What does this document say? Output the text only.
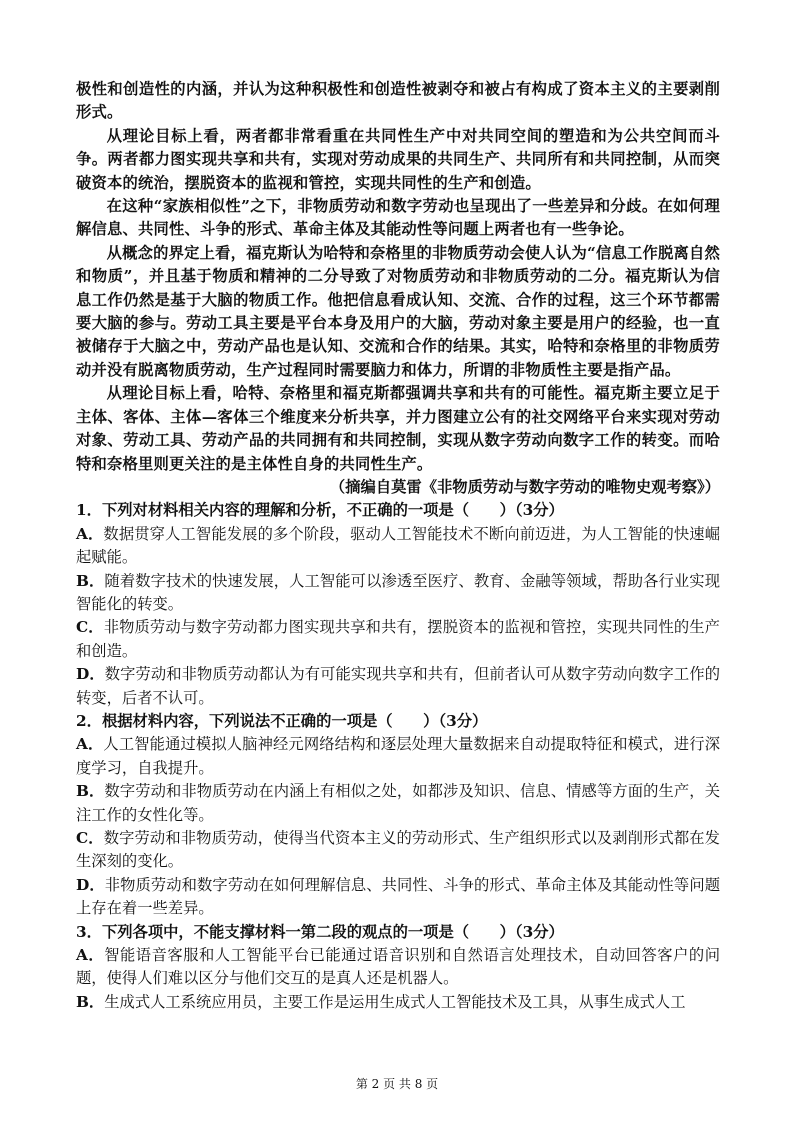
极性和创造性的内涵，并认为这种积极性和创造性被剥夺和被占有构成了资本主义的主要剥削形式。

从理论目标上看，两者都非常看重在共同性生产中对共同空间的塑造和为公共空间而斗争。两者都力图实现共享和共有，实现对劳动成果的共同生产、共同所有和共同控制，从而突破资本的统治，摆脱资本的监视和管控，实现共同性的生产和创造。

在这种“家族相似性”之下，非物质劳动和数字劳动也呈现出了一些差异和分歧。在如何理解信息、共同性、斗争的形式、革命主体及其能动性等问题上两者也有一些争论。

从概念的界定上看，福克斯认为哈特和奈格里的非物质劳动会使人认为“信息工作脱离自然和物质”，并且基于物质和精神的二分导致了对物质劳动和非物质劳动的二分。福克斯认为信息工作仍然是基于大脑的物质工作。他把信息看成认知、交流、合作的过程，这三个环节都需要大脑的参与。劳动工具主要是平台本身及用户的大脑，劳动对象主要是用户的经验，也一直被储存于大脑之中，劳动产品也是认知、交流和合作的结果。其实，哈特和奈格里的非物质劳动并没有脱离物质劳动，生产过程同时需要脑力和体力，所谓的非物质性主要是指产品。

从理论目标上看，哈特、奈格里和福克斯都强调共享和共有的可能性。福克斯主要立足于主体、客体、主体—客体三个维度来分析共享，并力图建立公有的社交网络平台来实现对劳动对象、劳动工具、劳动产品的共同拥有和共同控制，实现从数字劳动向数字工作的转变。而哈特和奈格里则更关注的是主体性自身的共同性生产。

（摘编自莫雷《非物质劳动与数字劳动的唯物史观考察》）

1．下列对材料相关内容的理解和分析，不正确的一项是（　　）（3分）

A．数据贯穿人工智能发展的多个阶段，驱动人工智能技术不断向前迈进，为人工智能的快速崛起赋能。

B．随着数字技术的快速发展，人工智能可以渗透至医疗、教育、金融等领域，帮助各行业实现智能化的转变。

C．非物质劳动与数字劳动都力图实现共享和共有，摆脱资本的监视和管控，实现共同性的生产和创造。

D．数字劳动和非物质劳动都认为有可能实现共享和共有，但前者认可从数字劳动向数字工作的转变，后者不认可。

2．根据材料内容，下列说法不正确的一项是（　　）（3分）

A．人工智能通过模拟人脑神经元网络结构和逐层处理大量数据来自动提取特征和模式，进行深度学习，自我提升。

B．数字劳动和非物质劳动在内涵上有相似之处，如都涉及知识、信息、情感等方面的生产，关注工作的女性化等。

C．数字劳动和非物质劳动，使得当代资本主义的劳动形式、生产组织形式以及剥削形式都在发生深刻的变化。

D．非物质劳动和数字劳动在如何理解信息、共同性、斗争的形式、革命主体及其能动性等问题上存在着一些差异。

3．下列各项中，不能支撑材料一第二段的观点的一项是（　　）（3分）

A．智能语音客服和人工智能平台已能通过语音识别和自然语言处理技术，自动回答客户的问题，使得人们难以区分与他们交互的是真人还是机器人。

B．生成式人工系统应用员，主要工作是运用生成式人工智能技术及工具，从事生成式人工

第 2 页 共 8 页
